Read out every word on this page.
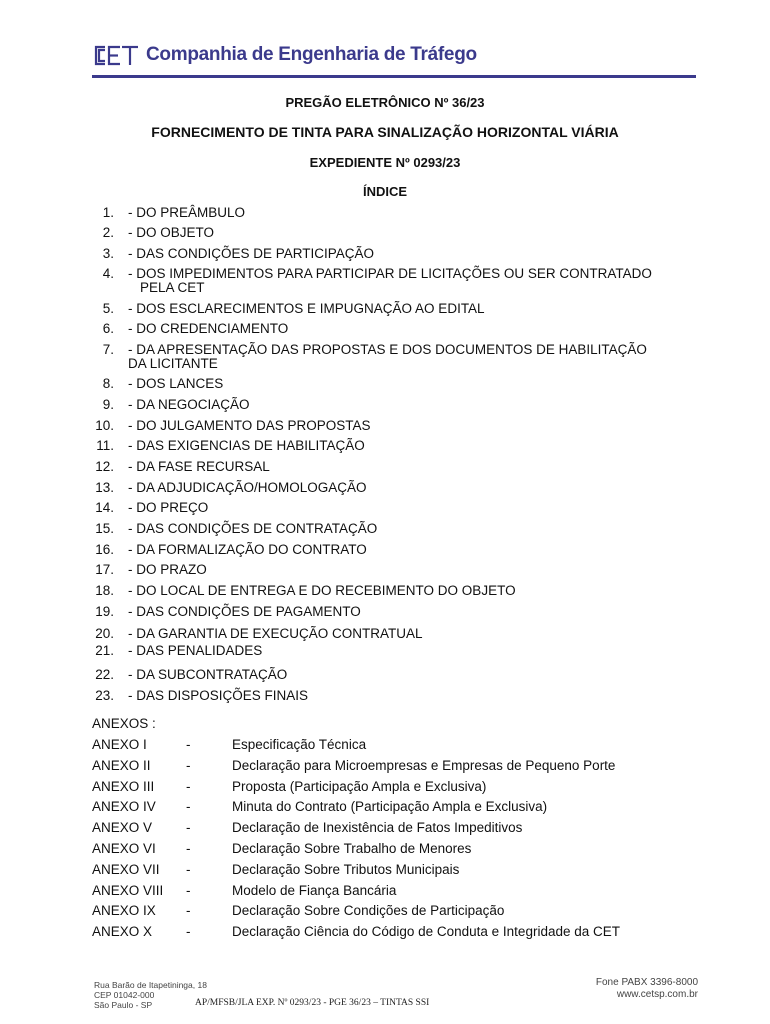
Companhia de Engenharia de Tráfego
PREGÃO ELETRÔNICO Nº 36/23
FORNECIMENTO DE TINTA PARA SINALIZAÇÃO HORIZONTAL VIÁRIA
EXPEDIENTE Nº 0293/23
ÍNDICE
1. - DO PREÂMBULO
2. - DO OBJETO
3. - DAS CONDIÇÕES DE PARTICIPAÇÃO
4. - DOS IMPEDIMENTOS PARA PARTICIPAR DE LICITAÇÕES OU SER CONTRATADO
PELA CET
5. - DOS ESCLARECIMENTOS E IMPUGNAÇÃO AO EDITAL
6. - DO CREDENCIAMENTO
7. - DA APRESENTAÇÃO DAS PROPOSTAS E DOS DOCUMENTOS DE HABILITAÇÃO
DA LICITANTE
8. - DOS LANCES
9. - DA NEGOCIAÇÃO
10. - DO JULGAMENTO DAS PROPOSTAS
11. - DAS EXIGENCIAS DE HABILITAÇÃO
12. - DA FASE RECURSAL
13. - DA ADJUDICAÇÃO/HOMOLOGAÇÃO
14. - DO PREÇO
15. - DAS CONDIÇÕES DE CONTRATAÇÃO
16. - DA FORMALIZAÇÃO DO CONTRATO
17. - DO PRAZO
18. - DO LOCAL DE ENTREGA E DO RECEBIMENTO DO OBJETO
19. - DAS CONDIÇÕES DE PAGAMENTO
20. - DA GARANTIA DE EXECUÇÃO CONTRATUAL
21. - DAS PENALIDADES
22. - DA SUBCONTRATAÇÃO
23. - DAS DISPOSIÇÕES FINAIS
ANEXOS :
ANEXO I	-	Especificação Técnica
ANEXO II	-	Declaração para Microempresas e Empresas de Pequeno Porte
ANEXO III -	Proposta (Participação Ampla e Exclusiva)
ANEXO IV -	Minuta do Contrato (Participação Ampla e Exclusiva)
ANEXO V	-	Declaração de Inexistência de Fatos Impeditivos
ANEXO VI -	Declaração Sobre Trabalho de Menores
ANEXO VII -	Declaração Sobre Tributos Municipais
ANEXO VIII -	Modelo de Fiança Bancária
ANEXO IX -	Declaração Sobre Condições de Participação
ANEXO X	-	Declaração Ciência do Código de Conduta e Integridade da CET
Rua Barão de Itapetininga, 18
CEP 01042-000
São Paulo - SP	AP/MFSB/JLA EXP. Nº 0293/23 - PGE 36/23 – TINTAS SSI
Fone PABX 3396-8000
www.cetsp.com.br
